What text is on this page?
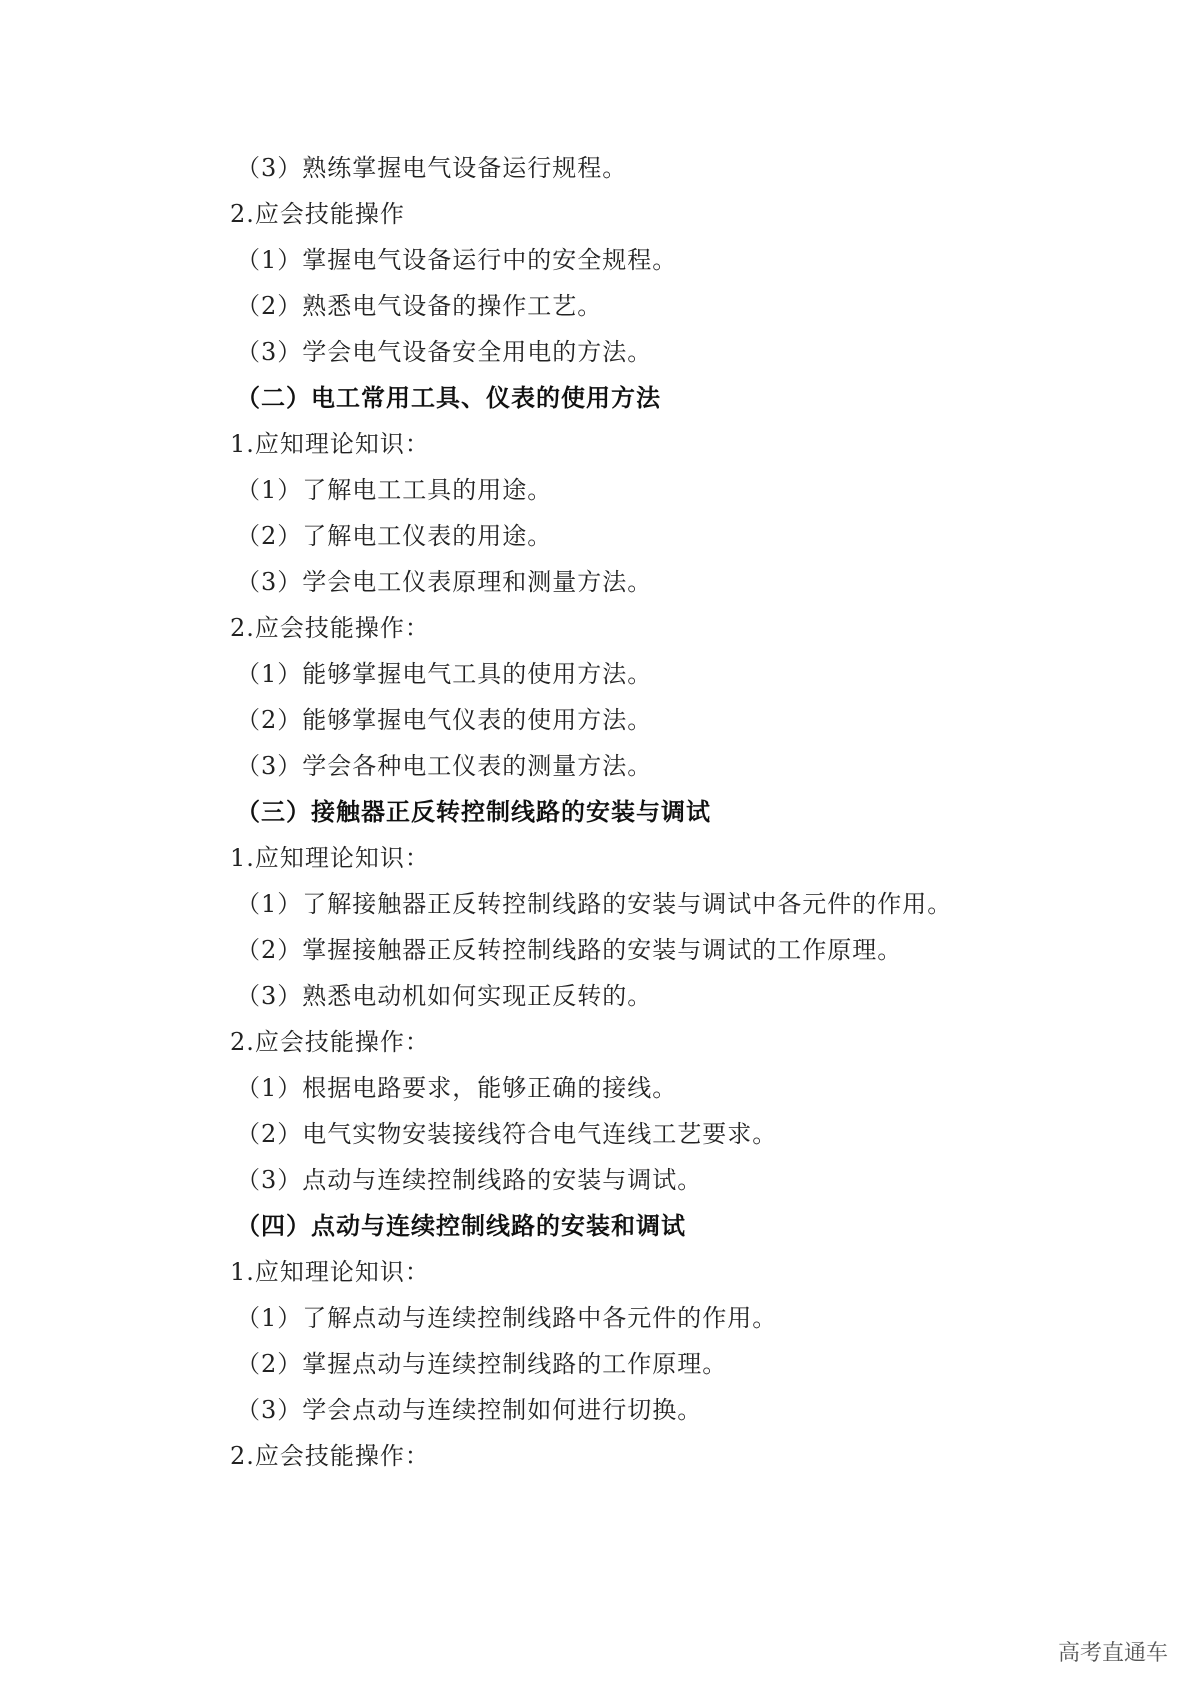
（3）熟练掌握电气设备运行规程。
2.应会技能操作
（1）掌握电气设备运行中的安全规程。
（2）熟悉电气设备的操作工艺。
（3）学会电气设备安全用电的方法。
（二）电工常用工具、仪表的使用方法
1.应知理论知识：
（1）了解电工工具的用途。
（2）了解电工仪表的用途。
（3）学会电工仪表原理和测量方法。
2.应会技能操作：
（1）能够掌握电气工具的使用方法。
（2）能够掌握电气仪表的使用方法。
（3）学会各种电工仪表的测量方法。
（三）接触器正反转控制线路的安装与调试
1.应知理论知识：
（1）了解接触器正反转控制线路的安装与调试中各元件的作用。
（2）掌握接触器正反转控制线路的安装与调试的工作原理。
（3）熟悉电动机如何实现正反转的。
2.应会技能操作：
（1）根据电路要求，能够正确的接线。
（2）电气实物安装接线符合电气连线工艺要求。
（3）点动与连续控制线路的安装与调试。
（四）点动与连续控制线路的安装和调试
1.应知理论知识：
（1）了解点动与连续控制线路中各元件的作用。
（2）掌握点动与连续控制线路的工作原理。
（3）学会点动与连续控制如何进行切换。
2.应会技能操作：
高考直通车
